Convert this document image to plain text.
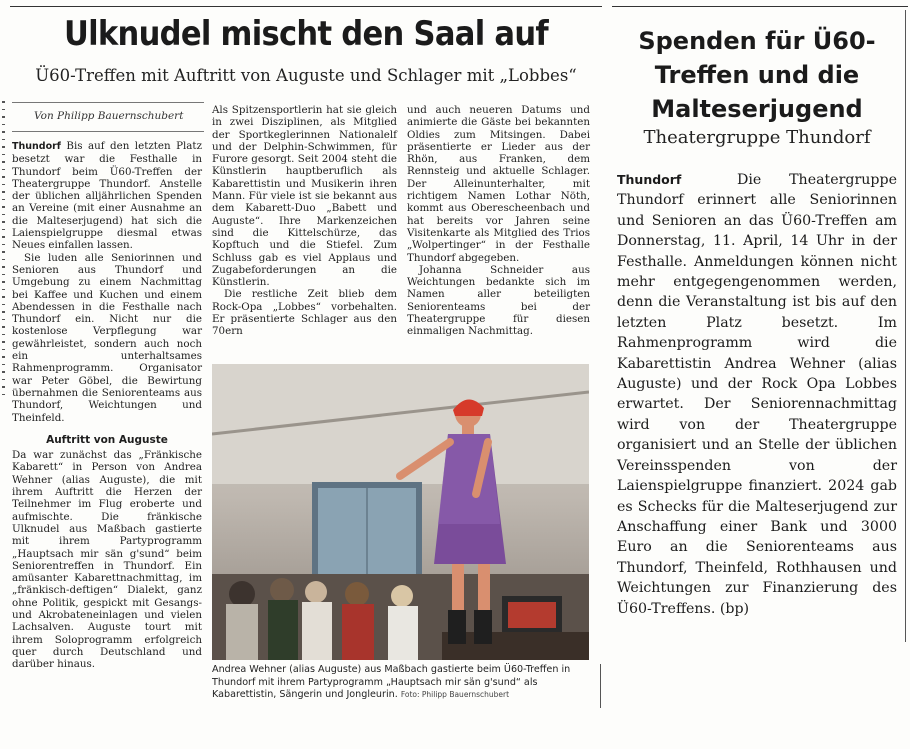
Ulknudel mischt den Saal auf
Ü60-Treffen mit Auftritt von Auguste und Schlager mit „Lobbes“
Von Philipp Bauernschubert

Thundorf Bis auf den letzten Platz besetzt war die Festhalle in Thundorf beim Ü60-Treffen der Theatergruppe Thundorf. Anstelle der üblichen alljährlichen Spenden an Vereine (mit einer Ausnahme an die Malteserjugend) hat sich die Laienspielgruppe diesmal etwas Neues einfallen lassen.

Sie luden alle Seniorinnen und Senioren aus Thundorf und Umgebung zu einem Nachmittag bei Kaffee und Kuchen und einem Abendessen in die Festhalle nach Thundorf ein. Nicht nur die kostenlose Verpflegung war gewährleistet, sondern auch noch ein unterhaltsames Rahmenprogramm. Organisator war Peter Göbel, die Bewirtung übernahmen die Seniorenteams aus Thundorf, Weichtungen und Theinfeld.

Auftritt von Auguste

Da war zunächst das „Fränkische Kabarett“ in Person von Andrea Wehner (alias Auguste), die mit ihrem Auftritt die Herzen der Teilnehmer im Flug eroberte und aufmischte. Die fränkische Ulknudel aus Maßbach gastierte mit ihrem Partyprogramm „Hauptsach mir sän g'sund“ beim Seniorentreffen in Thundorf. Ein amüsanter Kabarettnachmittag, im „fränkisch-deftigen“ Dialekt, ganz ohne Politik, gespickt mit Gesangs- und Akrobateneinlagen und vielen Lachsalven. Auguste tourt mit ihrem Soloprogramm erfolgreich quer durch Deutschland und darüber hinaus.

Als Spitzensportlerin hat sie gleich in zwei Disziplinen, als Mitglied der Sportkeglerinnen Nationalelf und der Delphin-Schwimmen, für Furore gesorgt. Seit 2004 steht die Künstlerin hauptberuflich als Kabarettistin und Musikerin ihren Mann. Für viele ist sie bekannt aus dem Kabarett-Duo „Babett und Auguste“. Ihre Markenzeichen sind die Kittelschürze, das Kopftuch und die Stiefel. Zum Schluss gab es viel Applaus und Zugabeforderungen an die Künstlerin.

Die restliche Zeit blieb dem Rock-Opa „Lobbes“ vorbehalten. Er präsentierte Schlager aus den 70ern

und auch neueren Datums und animierte die Gäste bei bekannten Oldies zum Mitsingen. Dabei präsentierte er Lieder aus der Rhön, aus Franken, dem Rennsteig und aktuelle Schlager. Der Alleinunterhalter, mit richtigem Namen Lothar Nöth, kommt aus Oberescheenbach und hat bereits vor Jahren seine Visitenkarte als Mitglied des Trios „Wolpertinger“ in der Festhalle Thundorf abgegeben.

Johanna Schneider aus Weichtungen bedankte sich im Namen aller beteiligten Seniorenteams bei der Theatergruppe für diesen einmaligen Nachmittag.

Andrea Wehner (alias Auguste) aus Maßbach gastierte beim Ü60-Treffen in Thundorf mit ihrem Partyprogramm „Hauptsach mir sän g'sund“ als Kabarettistin, Sängerin und Jongleurin. Foto: Philipp Bauernschubert
Spenden für Ü60-Treffen und die Malteserjugend
Theatergruppe Thundorf
Thundorf	Die Theatergruppe Thundorf erinnert alle Seniorinnen und Senioren an das Ü60-Treffen am Donnerstag, 11. April, 14 Uhr in der Festhalle. Anmeldungen können nicht mehr entgegengenommen werden, denn die Veranstaltung ist bis auf den letzten Platz besetzt. Im Rahmenprogramm wird die Kabarettistin Andrea Wehner (alias Auguste) und der Rock Opa Lobbes erwartet. Der Seniorennachmittag wird von der Theatergruppe organisiert und an Stelle der üblichen Vereinsspenden von der Laienspielgruppe finanziert. 2024 gab es Schecks für die Malteserjugend zur Anschaffung einer Bank und 3000 Euro an die Seniorenteams aus Thundorf, Theinfeld, Rothhausen und Weichtungen zur Finanzierung des Ü60-Treffens. (bp)
